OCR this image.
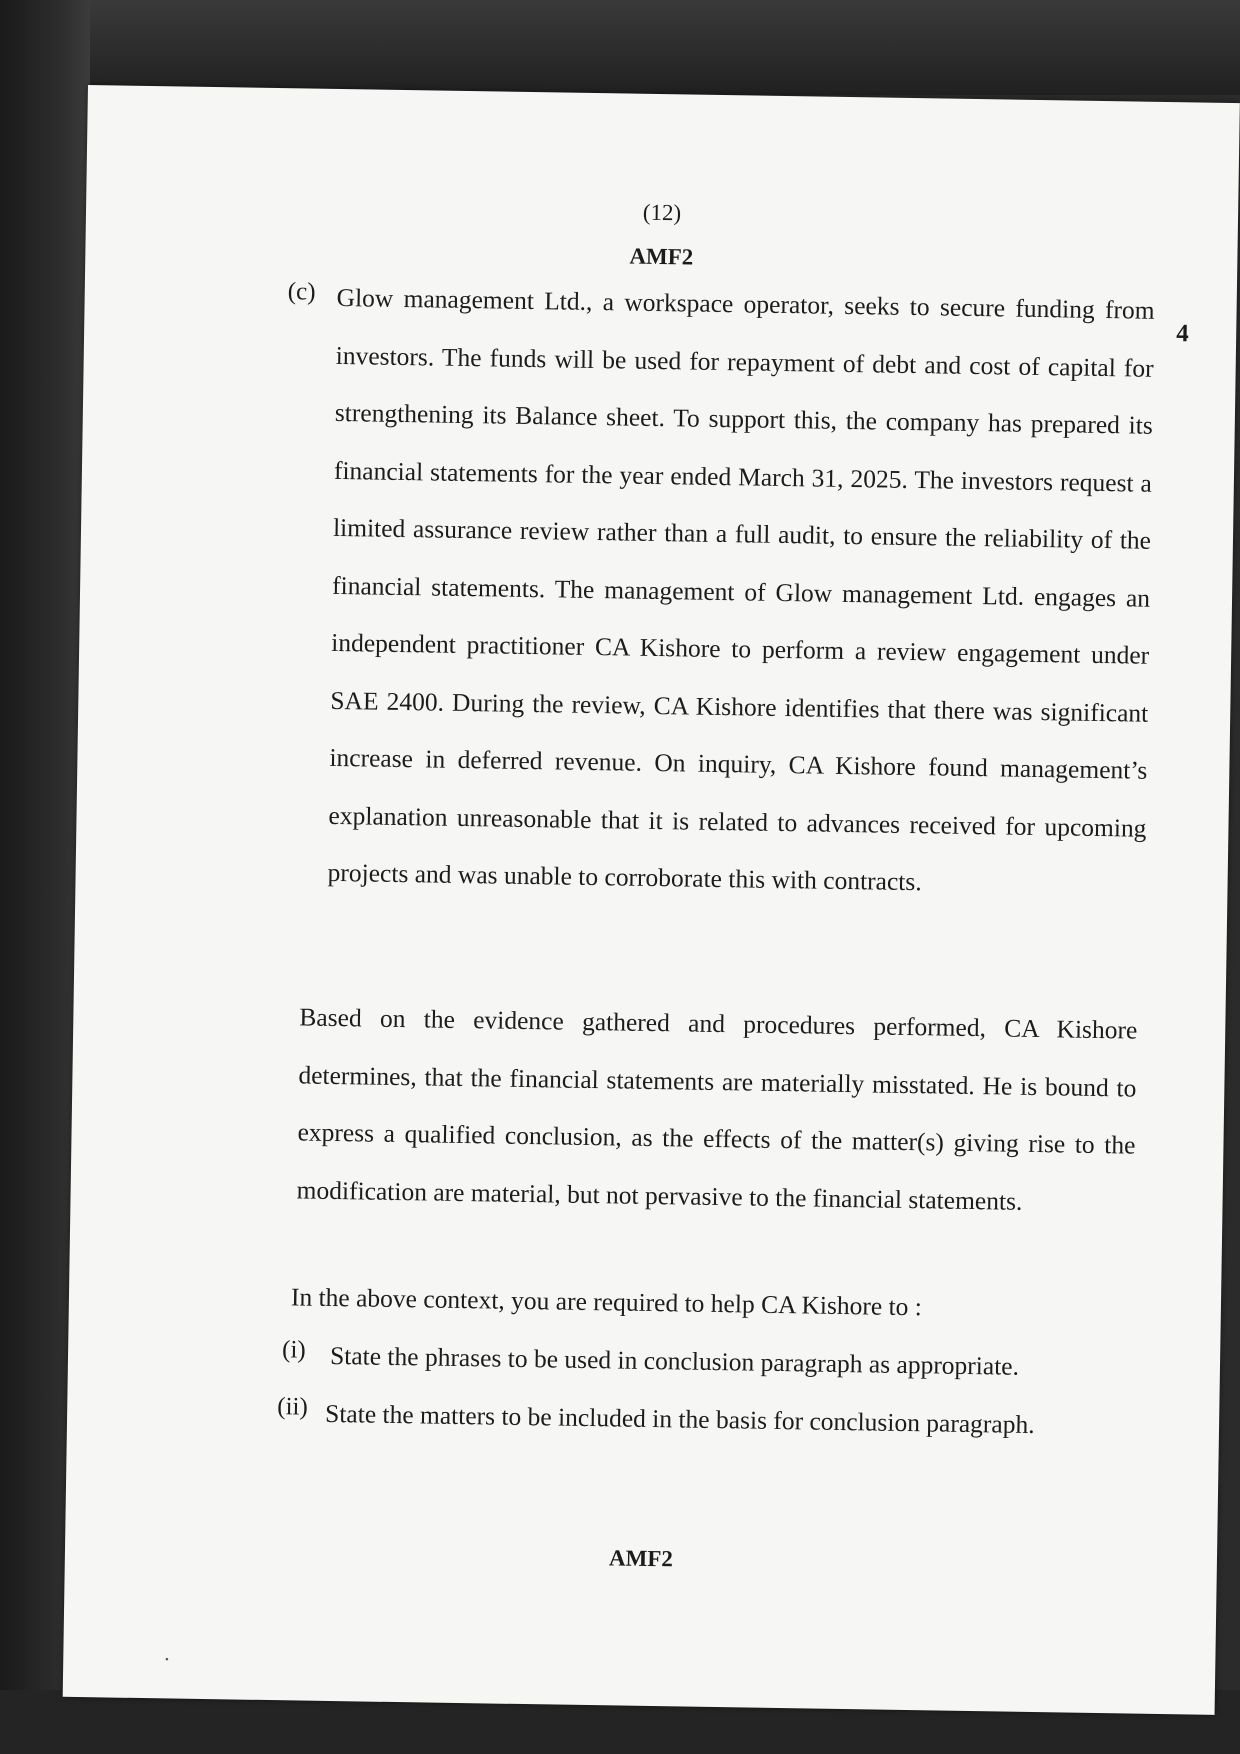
(12)

AMF2

(c)

4

Glow management Ltd., a workspace operator, seeks to secure funding from investors. The funds will be used for repayment of debt and cost of capital for strengthening its Balance sheet. To support this, the company has prepared its financial statements for the year ended March 31, 2025. The investors request a limited assurance review rather than a full audit, to ensure the reliability of the financial statements. The management of Glow management Ltd. engages an independent practitioner CA Kishore to perform a review engagement under SAE 2400. During the review, CA Kishore identifies that there was significant increase in deferred revenue. On inquiry, CA Kishore found management’s explanation unreasonable that it is related to advances received for upcoming projects and was unable to corroborate this with contracts.

Based on the evidence gathered and procedures performed, CA Kishore determines, that the financial statements are materially misstated. He is bound to express a qualified conclusion, as the effects of the matter(s) giving rise to the modification are material, but not pervasive to the financial statements.

In the above context, you are required to help CA Kishore to :

(i) State the phrases to be used in conclusion paragraph as appropriate.

(ii) State the matters to be included in the basis for conclusion paragraph.

AMF2

·
